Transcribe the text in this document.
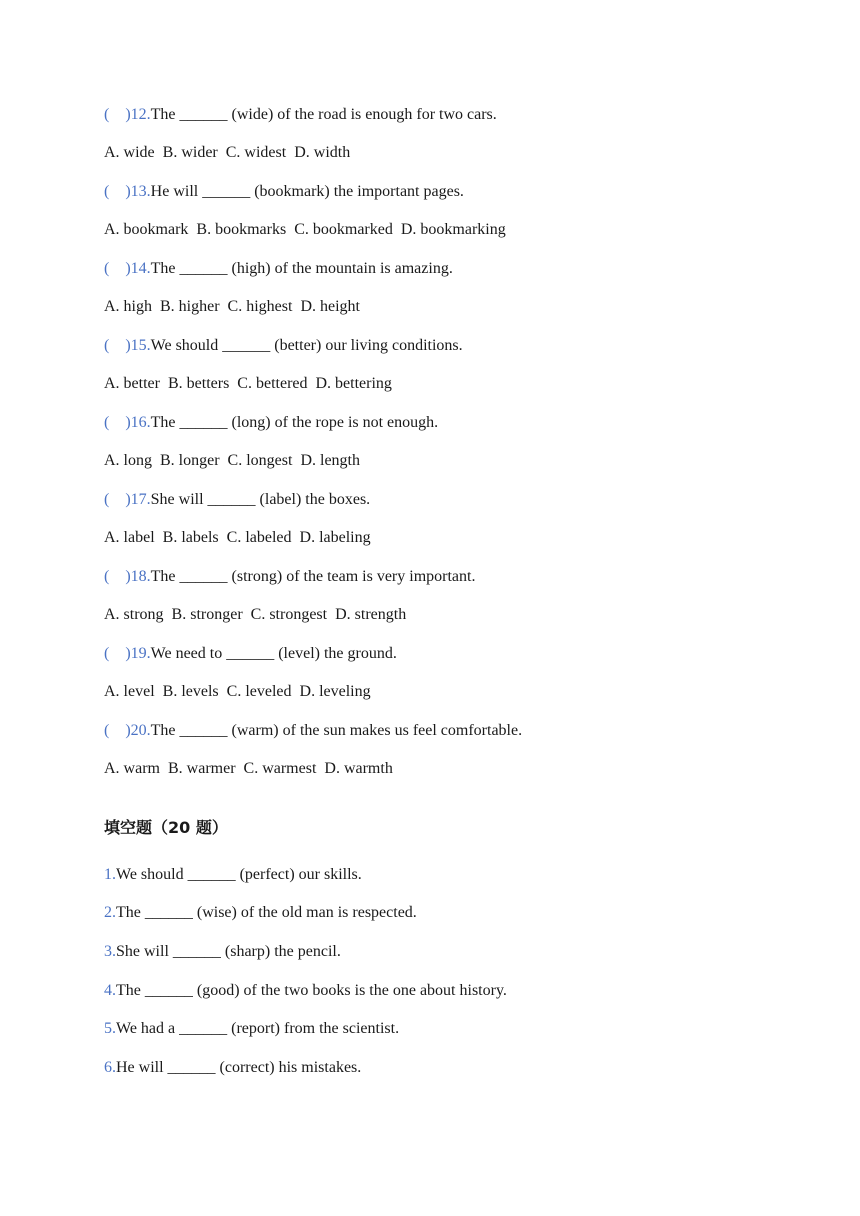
(    )12.The ______ (wide) of the road is enough for two cars.
A. wide  B. wider  C. widest  D. width
(    )13.He will ______ (bookmark) the important pages.
A. bookmark  B. bookmarks  C. bookmarked  D. bookmarking
(    )14.The ______ (high) of the mountain is amazing.
A. high  B. higher  C. highest  D. height
(    )15.We should ______ (better) our living conditions.
A. better  B. betters  C. bettered  D. bettering
(    )16.The ______ (long) of the rope is not enough.
A. long  B. longer  C. longest  D. length
(    )17.She will ______ (label) the boxes.
A. label  B. labels  C. labeled  D. labeling
(    )18.The ______ (strong) of the team is very important.
A. strong  B. stronger  C. strongest  D. strength
(    )19.We need to ______ (level) the ground.
A. level  B. levels  C. leveled  D. leveling
(    )20.The ______ (warm) of the sun makes us feel comfortable.
A. warm  B. warmer  C. warmest  D. warmth
填空题（20 题）
1.We should ______ (perfect) our skills.
2.The ______ (wise) of the old man is respected.
3.She will ______ (sharp) the pencil.
4.The ______ (good) of the two books is the one about history.
5.We had a ______ (report) from the scientist.
6.He will ______ (correct) his mistakes.
